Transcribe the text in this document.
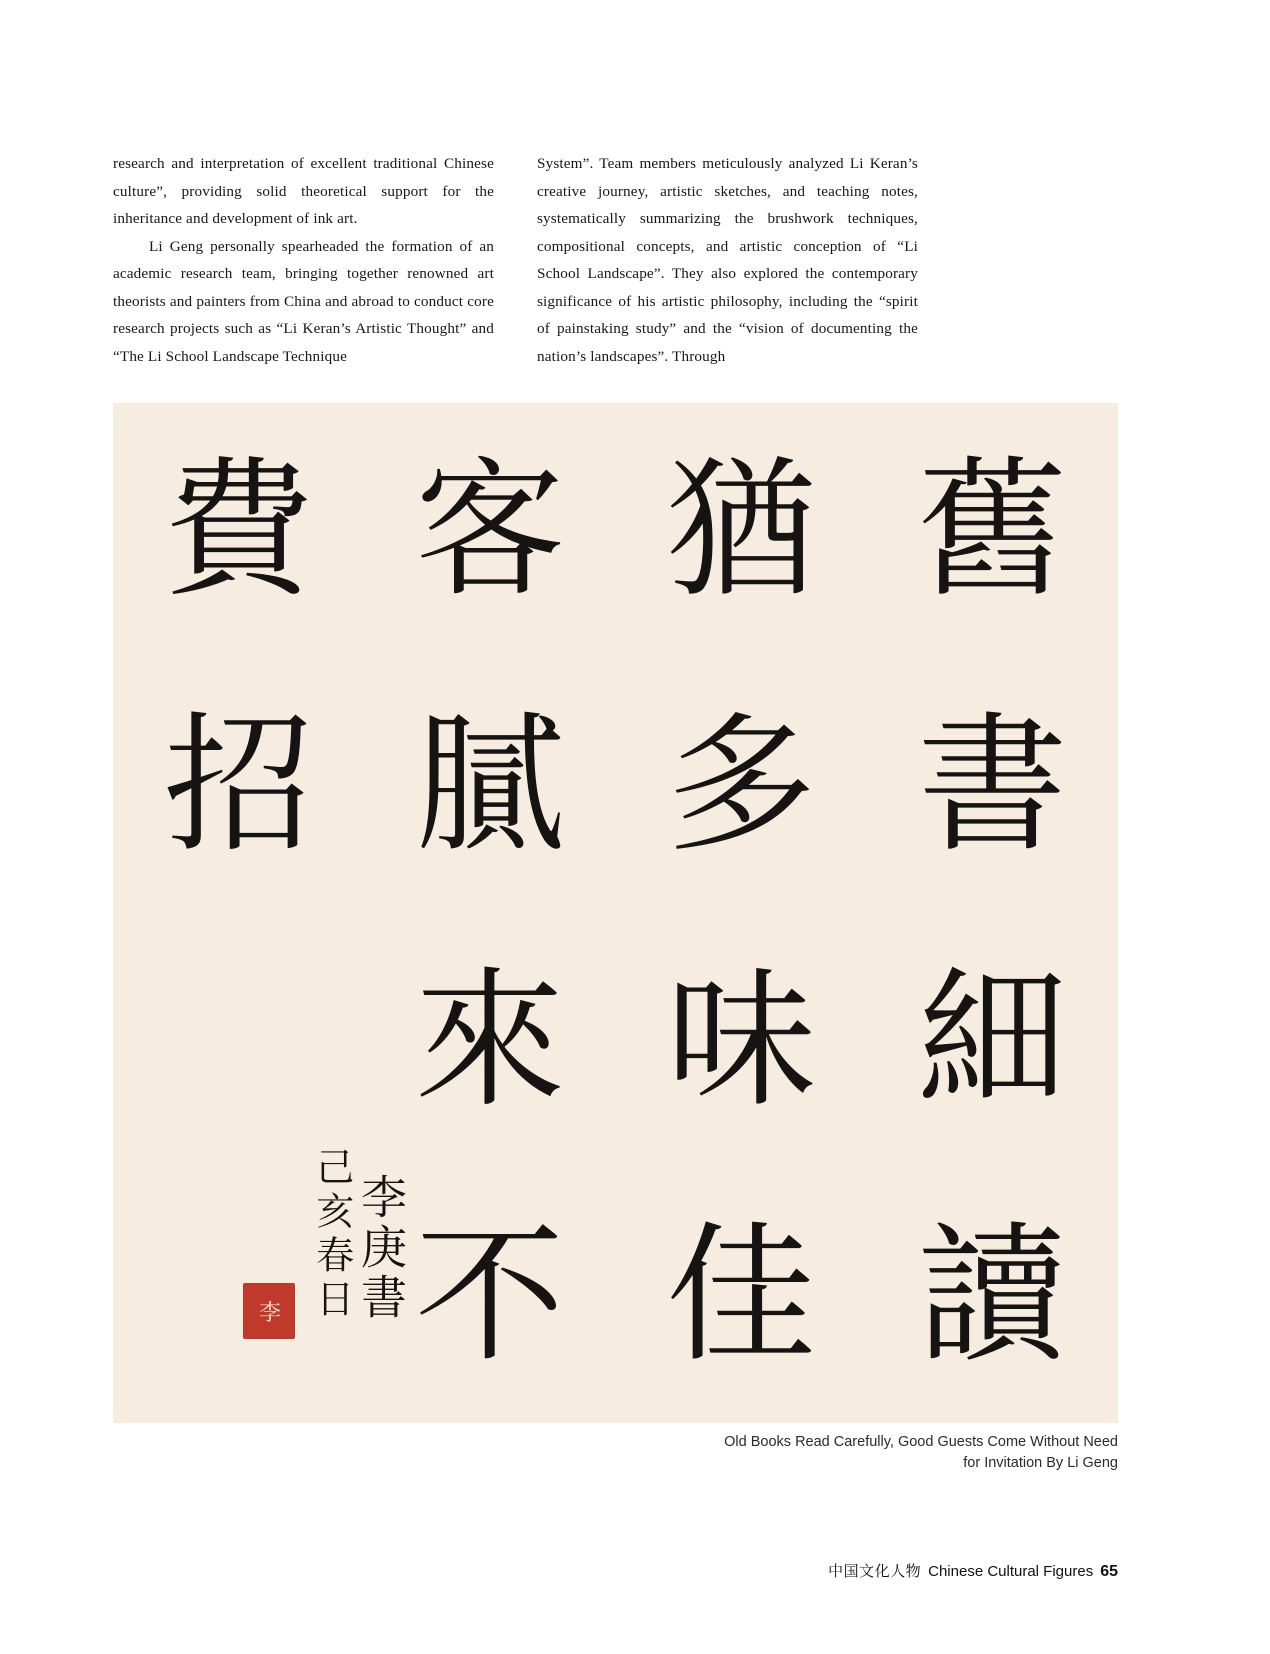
research and interpretation of excellent traditional Chinese culture”, providing solid theoretical support for the inheritance and development of ink art.

Li Geng personally spearheaded the formation of an academic research team, bringing together renowned art theorists and painters from China and abroad to conduct core research projects such as “Li Keran’s Artistic Thought” and “The Li School Landscape Technique

System”. Team members meticulously analyzed Li Keran’s creative journey, artistic sketches, and teaching notes, systematically summarizing the brushwork techniques, compositional concepts, and artistic conception of “Li School Landscape”. They also explored the contemporary significance of his artistic philosophy, including the “spirit of painstaking study” and the “vision of documenting the nation’s landscapes”. Through

舊
猶
客
費
書
多
膩
招
細
味
來
讀
佳
不
李庚書
己亥春日
李
Old Books Read Carefully, Good Guests Come Without Need
for Invitation By Li Geng
中国文化人物 Chinese Cultural Figures 65
